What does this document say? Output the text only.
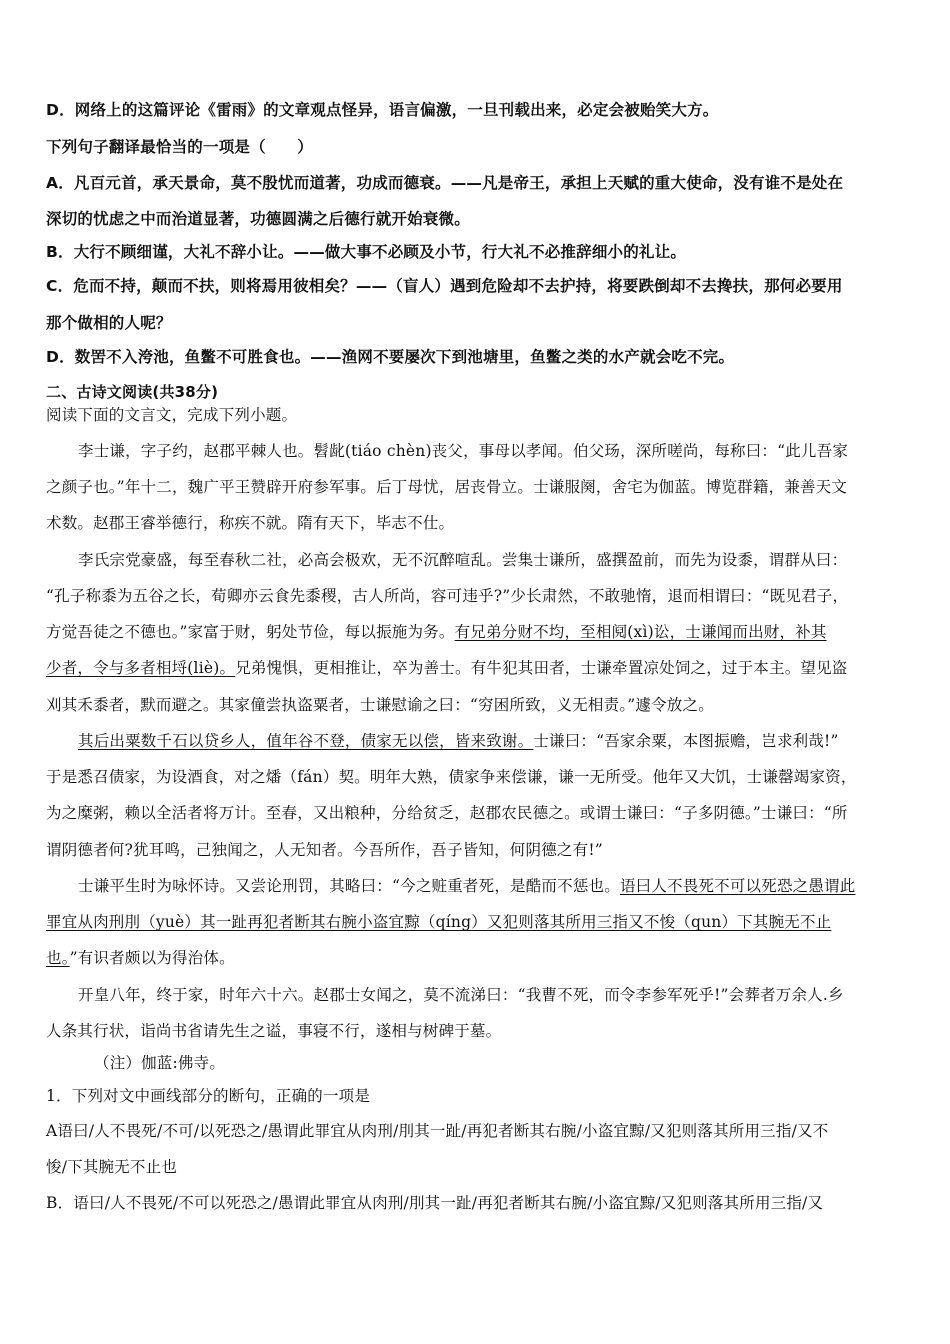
D．网络上的这篇评论《雷雨》的文章观点怪异，语言偏激，一旦刊载出来，必定会被贻笑大方。
下列句子翻译最恰当的一项是（　　）
A．凡百元首，承天景命，莫不殷忧而道著，功成而德衰。——凡是帝王，承担上天赋的重大使命，没有谁不是处在
深切的忧虑之中而治道显著，功德圆满之后德行就开始衰微。
B．大行不顾细谨，大礼不辞小让。——做大事不必顾及小节，行大礼不必推辞细小的礼让。
C．危而不持，颠而不扶，则将焉用彼相矣？——（盲人）遇到危险却不去护持，将要跌倒却不去搀扶，那何必要用
那个做相的人呢？
D．数罟不入洿池，鱼鳖不可胜食也。——渔网不要屡次下到池塘里，鱼鳖之类的水产就会吃不完。
二、古诗文阅读(共38分)
阅读下面的文言文，完成下列小题。
李士谦，字子约，赵郡平棘人也。髫龀(tiáo chèn)丧父，事母以孝闻。伯父玚，深所嗟尚，每称曰：“此儿吾家
之颜子也。”年十二，魏广平王赞辟开府参军事。后丁母忧，居丧骨立。士谦服阕，舍宅为伽蓝。博览群籍，兼善天文
术数。赵郡王睿举德行，称疾不就。隋有天下，毕志不仕。
李氏宗党豪盛，每至春秋二社，必高会极欢，无不沉醉喧乱。尝集士谦所，盛撰盈前，而先为设黍，谓群从曰：
“孔子称黍为五谷之长，荀卿亦云食先黍稷，古人所尚，容可违乎?”少长肃然，不敢驰惰，退而相谓曰：“既见君子，
方觉吾徒之不德也。”家富于财，躬处节俭，每以振施为务。有兄弟分财不均，至相阋(xì)讼，士谦闻而出财，补其
少者，令与多者相埒(liè)。兄弟愧惧，更相推让，卒为善士。有牛犯其田者，士谦牵置凉处饲之，过于本主。望见盗
刈其禾黍者，默而避之。其家僮尝执盗粟者，士谦慰谕之曰：“穷困所致，义无相责。”遽令放之。
其后出粟数千石以贷乡人，值年谷不登，债家无以偿，皆来致谢。士谦曰：“吾家余粟，本图振赡，岂求利哉!”
于是悉召债家，为设酒食，对之燔（fán）契。明年大熟，债家争来偿谦，谦一无所受。他年又大饥，士谦罄竭家资，
为之糜粥，赖以全活者将万计。至春，又出粮种，分给贫乏，赵郡农民德之。或谓士谦曰：“子多阴德。”士谦曰：“所
谓阴德者何?犹耳鸣，己独闻之，人无知者。今吾所作，吾子皆知，何阴德之有!”
士谦平生时为咏怀诗。又尝论刑罚，其略曰：“今之赃重者死，是酷而不惩也。语曰人不畏死不可以死恐之愚谓此
罪宜从肉刑刖（yuè）其一趾再犯者断其右腕小盗宜黥（qíng）又犯则落其所用三指又不悛（qun）下其腕无不止
也。”有识者颇以为得治体。
开皇八年，终于家，时年六十六。赵郡士女闻之，莫不流涕曰：“我曹不死，而令李参军死乎!”会葬者万余人.乡
人条其行状，诣尚书省请先生之谥，事寝不行，遂相与树碑于墓。
（注）伽蓝:佛寺。
1．下列对文中画线部分的断句，正确的一项是
A语曰/人不畏死/不可/以死恐之/愚谓此罪宜从肉刑/刖其一趾/再犯者断其右腕/小盗宜黥/又犯则落其所用三指/又不
悛/下其腕无不止也
B．语曰/人不畏死/不可以死恐之/愚谓此罪宜从肉刑/刖其一趾/再犯者断其右腕/小盗宜黥/又犯则落其所用三指/又
